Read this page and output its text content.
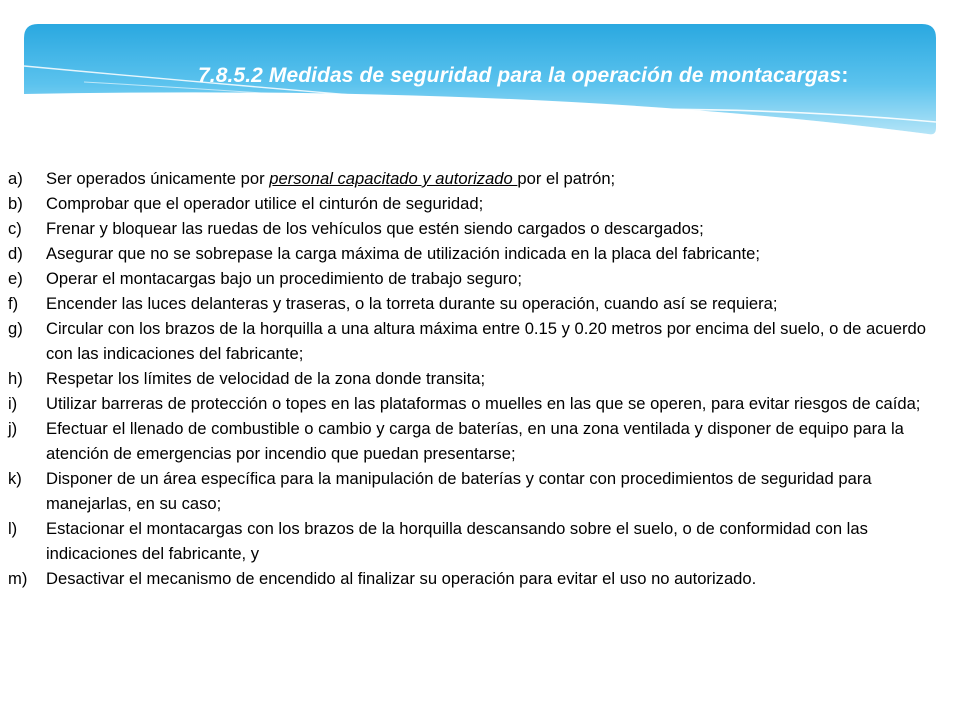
7.8.5.2 Medidas de seguridad para la operación de montacargas:
a)	Ser operados únicamente por personal capacitado y autorizado por el patrón;
b)	Comprobar que el operador utilice el cinturón de seguridad;
c)	Frenar y bloquear las ruedas de los vehículos que estén siendo cargados o descargados;
d)	Asegurar que no se sobrepase la carga máxima de utilización indicada en la placa del fabricante;
e)	Operar el montacargas bajo un procedimiento de trabajo seguro;
f)	Encender las luces delanteras y traseras, o la torreta durante su operación, cuando así se requiera;
g)	Circular con los brazos de la horquilla a una altura máxima entre 0.15 y 0.20 metros por encima del suelo, o de acuerdo con las indicaciones del fabricante;
h)	Respetar los límites de velocidad de la zona donde transita;
i)	Utilizar barreras de protección o topes en las plataformas o muelles en las que se operen, para evitar riesgos de caída;
j)	Efectuar el llenado de combustible o cambio y carga de baterías, en una zona ventilada y disponer de equipo para la atención de emergencias por incendio que puedan presentarse;
k)	Disponer de un área específica para la manipulación de baterías y contar con procedimientos de seguridad para manejarlas, en su caso;
l)	Estacionar el montacargas con los brazos de la horquilla descansando sobre el suelo, o de conformidad con las indicaciones del fabricante, y
m)	Desactivar el mecanismo de encendido al finalizar su operación para evitar el uso no autorizado.
